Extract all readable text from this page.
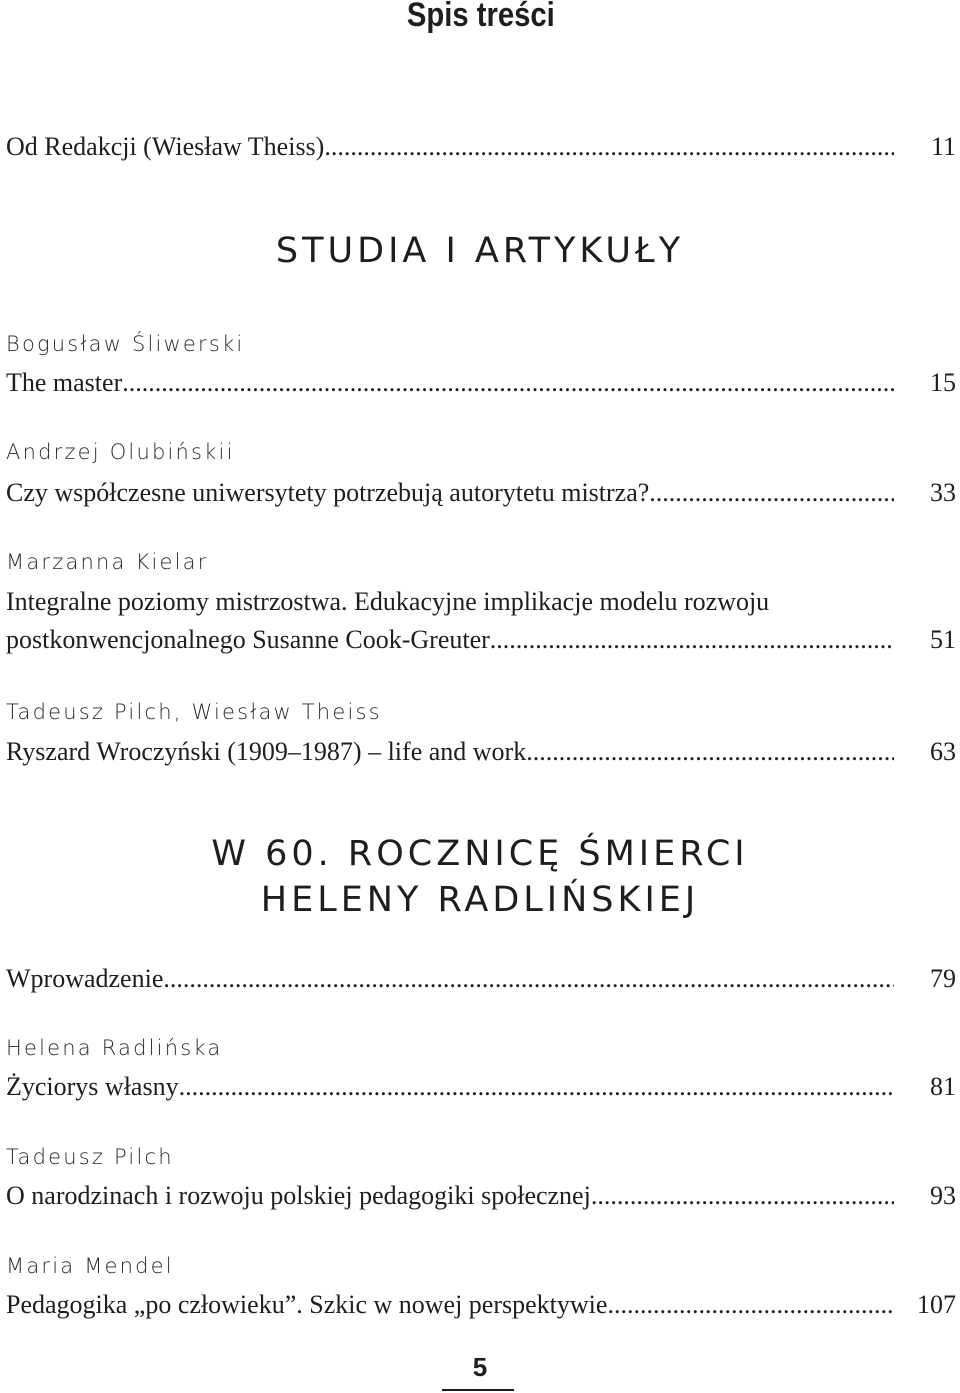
Spis treści
Od Redakcji (Wiesław Theiss) .....	11
STUDIA I ARTYKUŁY
Bogusław Śliwerski
The master .....	15
Andrzej Olubińskii
Czy współczesne uniwersytety potrzebują autorytetu mistrza? .....	33
Marzanna Kielar
Integralne poziomy mistrzostwa. Edukacyjne implikacje modelu rozwoju
postkonwencjonalnego Susanne Cook-Greuter .....	51
Tadeusz Pilch, Wiesław Theiss
Ryszard Wroczyński (1909–1987) – life and work .....	63
W 60. ROCZNICĘ ŚMIERCI
HELENY RADLIŃSKIEJ
Wprowadzenie .....	79
Helena Radlińska
Życiorys własny .....	81
Tadeusz Pilch
O narodzinach i rozwoju polskiej pedagogiki społecznej .....	93
Maria Mendel
Pedagogika „po człowieku”. Szkic w nowej perspektywie .....	107
5
